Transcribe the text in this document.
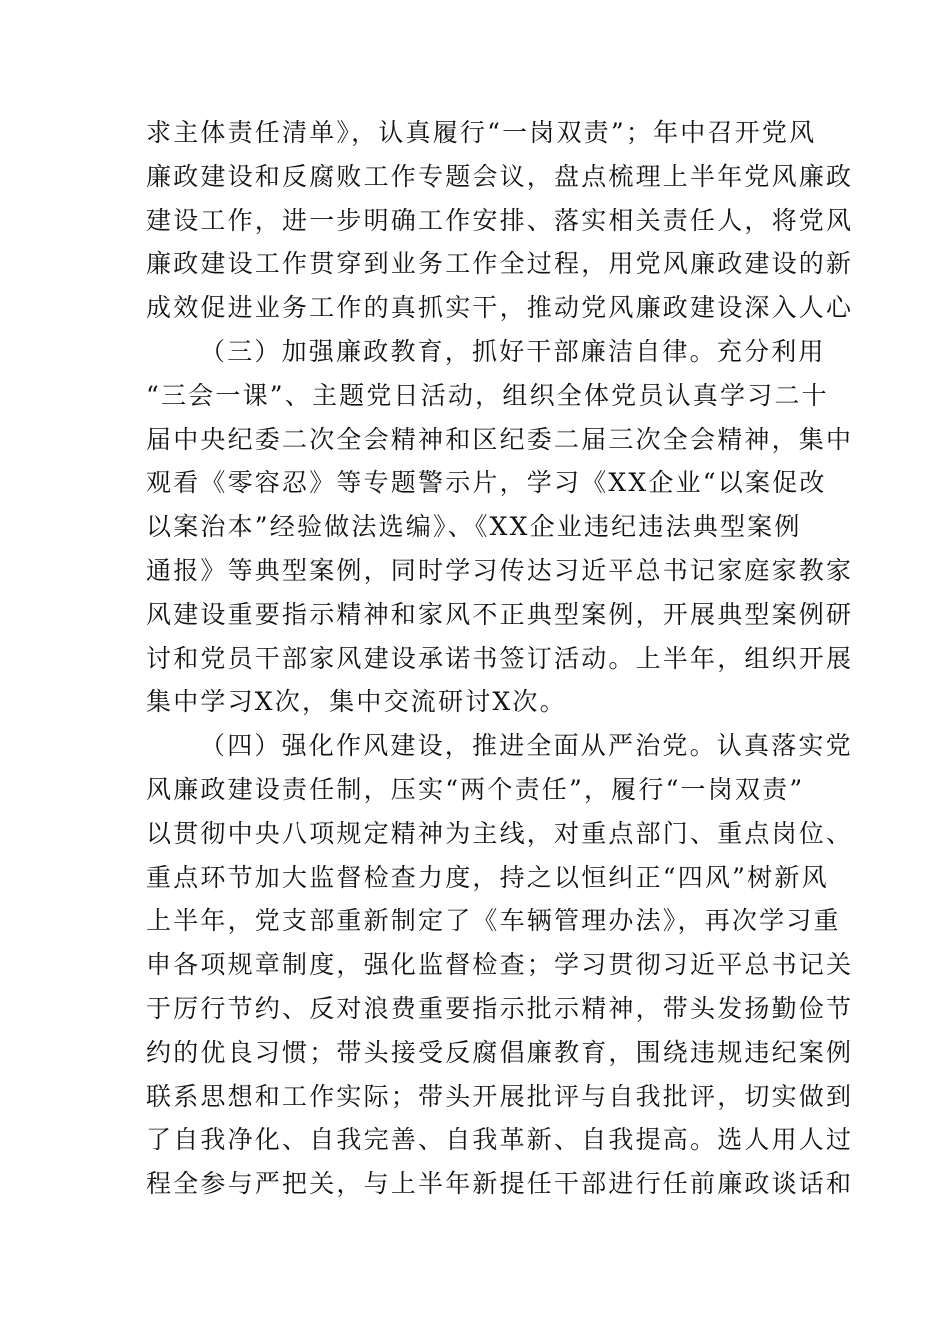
求主体责任清单》，认真履行“一岗双责”；年中召开党风
廉政建设和反腐败工作专题会议，盘点梳理上半年党风廉政
建设工作，进一步明确工作安排、落实相关责任人，将党风
廉政建设工作贯穿到业务工作全过程，用党风廉政建设的新
成效促进业务工作的真抓实干，推动党风廉政建设深入人心
（三）加强廉政教育，抓好干部廉洁自律。充分利用
“三会一课”、主题党日活动，组织全体党员认真学习二十
届中央纪委二次全会精神和区纪委二届三次全会精神，集中
观看《零容忍》等专题警示片，学习《XX企业“以案促改
以案治本”经验做法选编》、《XX企业违纪违法典型案例
通报》等典型案例，同时学习传达习近平总书记家庭家教家
风建设重要指示精神和家风不正典型案例，开展典型案例研
讨和党员干部家风建设承诺书签订活动。上半年，组织开展
集中学习X次，集中交流研讨X次。
（四）强化作风建设，推进全面从严治党。认真落实党
风廉政建设责任制，压实“两个责任”，履行“一岗双责”
以贯彻中央八项规定精神为主线，对重点部门、重点岗位、
重点环节加大监督检查力度，持之以恒纠正“四风”树新风
上半年，党支部重新制定了《车辆管理办法》，再次学习重
申各项规章制度，强化监督检查；学习贯彻习近平总书记关
于厉行节约、反对浪费重要指示批示精神，带头发扬勤俭节
约的优良习惯；带头接受反腐倡廉教育，围绕违规违纪案例
联系思想和工作实际；带头开展批评与自我批评，切实做到
了自我净化、自我完善、自我革新、自我提高。选人用人过
程全参与严把关，与上半年新提任干部进行任前廉政谈话和
